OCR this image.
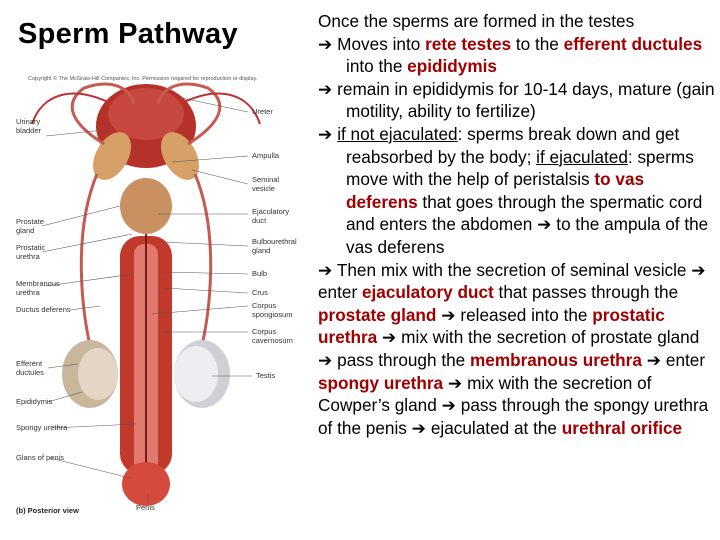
Sperm Pathway
Copyright © The McGraw-Hill Companies, Inc. Permission required for reproduction or display.
Urinary bladder
Prostate gland
Prostatic urethra
Membranous urethra
Ductus deferens
Efferent ductules
Epididymis
Spongy urethra
Glans of penis
Ureter
Ampulla
Seminal vesicle
Ejaculatory duct
Bulbourethral gland
Bulb
Crus
Corpus spongiosum
Corpus cavernosum
Testis
Penis
(b) Posterior view

Once the sperms are formed in the testes

➔ Moves into rete testes to the efferent ductules into the epididymis

➔ remain in epididymis for 10-14 days, mature (gain motility, ability to fertilize)

➔ if not ejaculated: sperms break down and get reabsorbed by the body; if ejaculated: sperms move with the help of peristalsis to vas deferens that goes through the spermatic cord and enters the abdomen ➔ to the ampula of the vas deferens

➔ Then mix with the secretion of seminal vesicle ➔ enter ejaculatory duct that passes through the prostate gland ➔ released into the prostatic urethra ➔ mix with the secretion of prostate gland ➔ pass through the membranous urethra ➔ enter spongy urethra ➔ mix with the secretion of Cowper’s gland ➔ pass through the spongy urethra of the penis ➔ ejaculated at the urethral orifice
